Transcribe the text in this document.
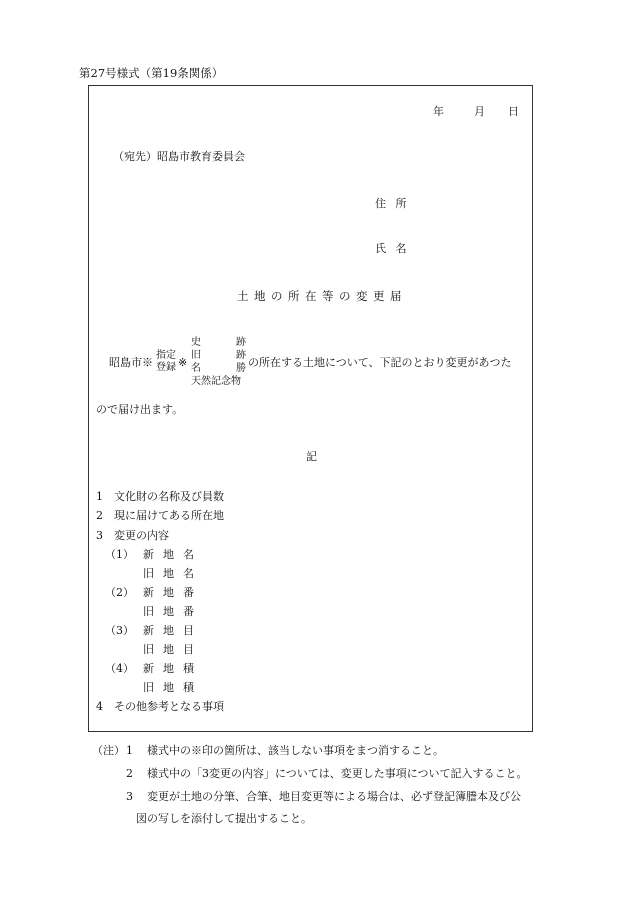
第27号様式（第19条関係）
年	月 日
（宛先）昭島市教育委員会
住 所
氏 名
土地の所在等の変更届
昭島市※
指定
登録 ※
史	跡
旧	跡
名	勝
天然記念物
の所在する土地について、下記のとおり変更があつた
ので届け出ます。
記
1　文化財の名称及び員数
2　現に届けてある所在地
3　変更の内容
（1） 新地名
旧地名
（2） 新地番
旧地番
（3） 新地目
旧地目
（4） 新地積
旧地積
4　その他参考となる事項
（注） 1 様式中の※印の箇所は、該当しない事項をまつ消すること。
2 様式中の「3変更の内容」については、変更した事項について記入すること。
3 変更が土地の分筆、合筆、地目変更等による場合は、必ず登記簿謄本及び公
図の写しを添付して提出すること。
